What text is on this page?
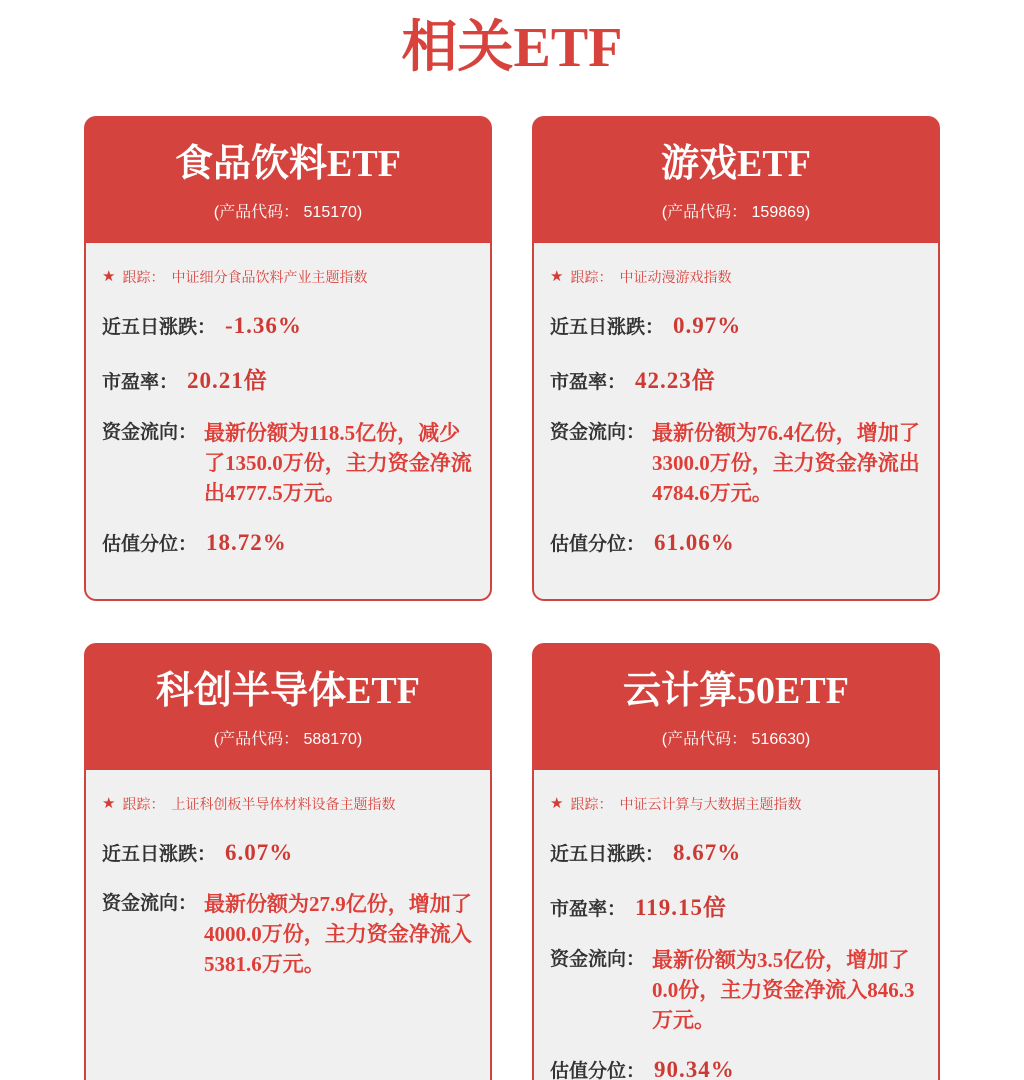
相关ETF
食品饮料ETF
(产品代码： 515170)
★ 跟踪： 中证细分食品饮料产业主题指数
近五日涨跌： -1.36%
市盈率： 20.21倍
资金流向： 最新份额为118.5亿份，减少了1350.0万份，主力资金净流出4777.5万元。
估值分位： 18.72%
游戏ETF
(产品代码： 159869)
★ 跟踪： 中证动漫游戏指数
近五日涨跌： 0.97%
市盈率： 42.23倍
资金流向： 最新份额为76.4亿份，增加了3300.0万份，主力资金净流出4784.6万元。
估值分位： 61.06%
科创半导体ETF
(产品代码： 588170)
★ 跟踪： 上证科创板半导体材料设备主题指数
近五日涨跌： 6.07%
资金流向： 最新份额为27.9亿份，增加了4000.0万份，主力资金净流入5381.6万元。
云计算50ETF
(产品代码： 516630)
★ 跟踪： 中证云计算与大数据主题指数
近五日涨跌： 8.67%
市盈率： 119.15倍
资金流向： 最新份额为3.5亿份，增加了0.0份，主力资金净流入846.3万元。
估值分位： 90.34%
